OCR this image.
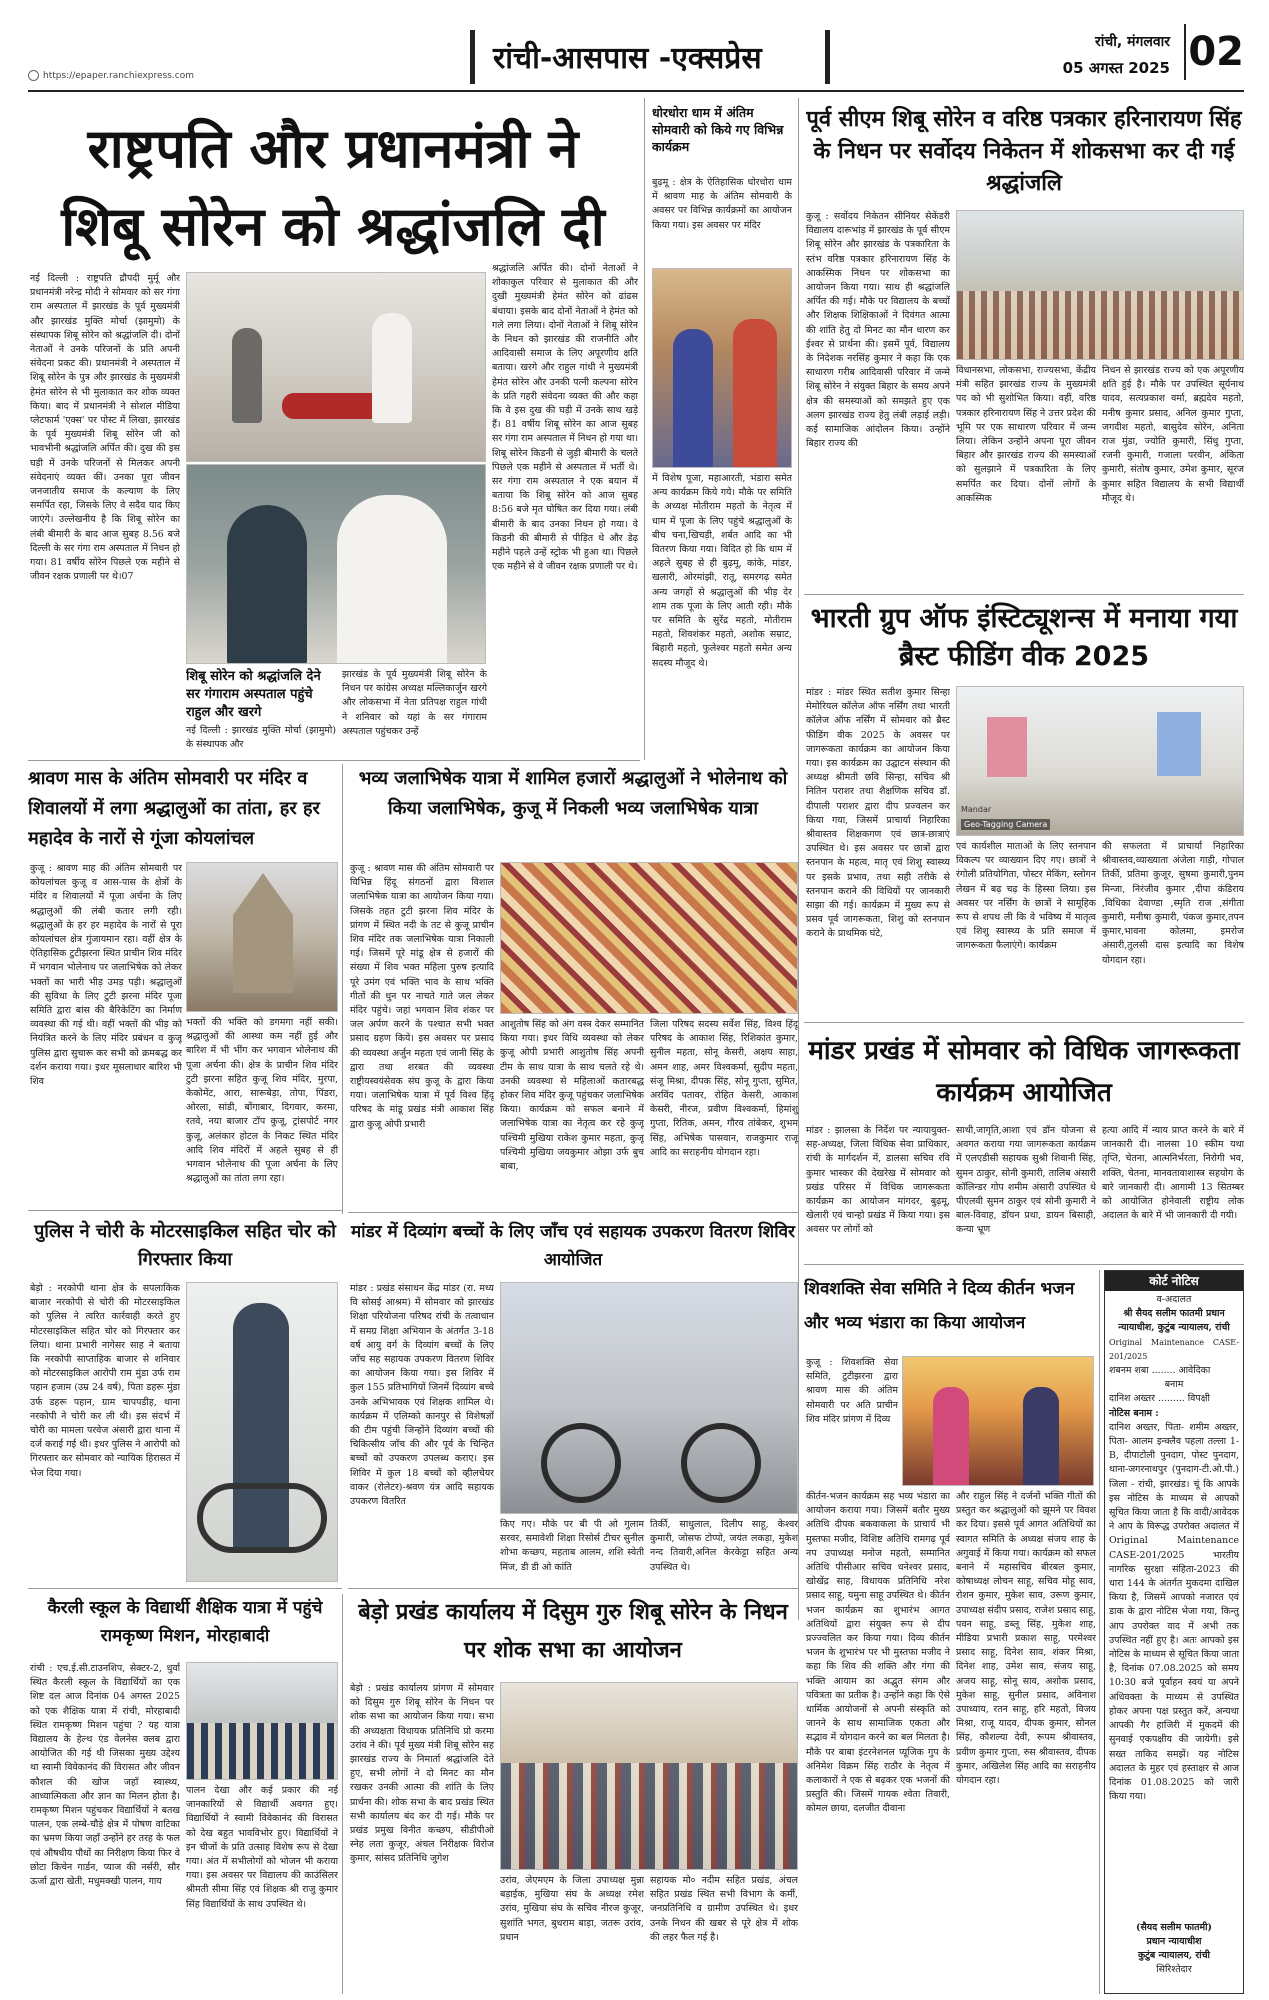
https://epaper.ranchiexpress.com	रांची-आसपास -एक्सप्रेस	रांची, मंगलवार
05 अगस्त 2025 02
राष्ट्रपति और प्रधानमंत्री ने
शिबू सोरेन को श्रद्धांजलि दी
नई दिल्ली : राष्ट्रपति द्रौपदी मुर्मू और प्रधानमंत्री नरेन्द्र मोदी ने सोमवार को सर गंगा राम अस्पताल में झारखंड के पूर्व मुख्यमंत्री और झारखंड मुक्ति मोर्चा (झामुमो) के संस्थापक शिबू सोरेन को श्रद्धांजलि दी। दोनों नेताओं ने उनके परिजनों के प्रति अपनी संवेदना प्रकट की। प्रधानमंत्री ने अस्पताल में शिबू सोरेन के पुत्र और झारखंड के मुख्यमंत्री हेमंत सोरेन से भी मुलाकात कर शोक व्यक्त किया। बाद में प्रधानमंत्री ने सोशल मीडिया प्लेटफार्म 'एक्स' पर पोस्ट में लिखा, झारखंड के पूर्व मुख्यमंत्री शिबू सोरेन जी को भावभीनी श्रद्धांजलि अर्पित की। दुख की इस घड़ी में उनके परिजनों से मिलकर अपनी संवेदनाएं व्यक्त कीं। उनका पूरा जीवन जनजातीय समाज के कल्याण के लिए समर्पित रहा, जिसके लिए वे सदैव याद किए जाएंगे। उल्लेखनीय है कि शिबू सोरेन का लंबी बीमारी के बाद आज सुबह 8.56 बजे दिल्ली के सर गंगा राम अस्पताल में निधन हो गया। 81 वर्षीय सोरेन पिछले एक महीने से जीवन रक्षक प्रणाली पर थे।07
शिबू सोरेन को श्रद्धांजलि देने सर गंगाराम अस्पताल पहुंचे राहुल और खरगे
नई दिल्ली : झारखंड मुक्ति मोर्चा (झामुमो) के संस्थापक और
झारखंड के पूर्व मुख्यमंत्री शिबू सोरेन के निधन पर कांग्रेस अध्यक्ष मल्लिकार्जुन खरगे और लोकसभा में नेता प्रतिपक्ष राहुल गांधी ने शनिवार को यहां के सर गंगाराम अस्पताल पहुंचकर उन्हें
श्रद्धांजलि अर्पित की। दोनों नेताओं ने शोकाकुल परिवार से मुलाकात की और दुखी मुख्यमंत्री हेमंत सोरेन को ढांढस बंधाया। इसके बाद दोनों नेताओं ने हेमंत को गले लगा लिया। दोनों नेताओं ने शिबू सोरेन के निधन को झारखंड की राजनीति और आदिवासी समाज के लिए अपूरणीय क्षति बताया। खरगे और राहुल गांधी ने मुख्यमंत्री हेमंत सोरेन और उनकी पत्नी कल्पना सोरेन के प्रति गहरी संवेदना व्यक्त की और कहा कि वे इस दुख की घड़ी में उनके साथ खड़े हैं। 81 वर्षीय शिबू सोरेन का आज सुबह सर गंगा राम अस्पताल में निधन हो गया था। शिबू सोरेन किडनी से जुड़ी बीमारी के चलते पिछले एक महीने से अस्पताल में भर्ती थे। सर गंगा राम अस्पताल ने एक बयान में बताया कि शिबू सोरेन को आज सुबह 8:56 बजे मृत घोषित कर दिया गया। लंबी बीमारी के बाद उनका निधन हो गया। वे किडनी की बीमारी से पीड़ित थे और डेढ़ महीने पहले उन्हें स्ट्रोक भी हुआ था। पिछले एक महीने से वे जीवन रक्षक प्रणाली पर थे।
धोरधोरा धाम में अंतिम सोमवारी को किये गए विभिन्न कार्यक्रम
बुढ़मू : क्षेत्र के ऐतिहासिक धोरधोरा धाम में श्रावण माह के अंतिम सोमवारी के अवसर पर विभिन्न कार्यक्रमों का आयोजन किया गया। इस अवसर पर मंदिर
में विशेष पूजा, महाआरती, भंडारा समेत अन्य कार्यक्रम किये गये। मौके पर समिति के अध्यक्ष मोतीराम महतो के नेतृत्व में धाम में पूजा के लिए पहुंचे श्रद्धालुओं के बीच चना,खिचड़ी, शर्बत आदि का भी वितरण किया गया। विदित हो कि धाम में अहले सुबह से ही बुढ़मू, कांके, मांडर, खलारी, ओरमांझी, रातू, समरगढ़ समेत अन्य जगहों से श्रद्धालुओं की भीड़ देर शाम तक पूजा के लिए आती रही। मौके पर समिति के सुरेंद्र महतो, मोतीराम महतो, शिवशंकर महतो, अशोक सम्राट, बिहारी महतो, फुलेश्वर महतो समेत अन्य सदस्य मौजूद थे।
पूर्व सीएम शिबू सोरेन व वरिष्ठ पत्रकार हरिनारायण सिंह के निधन पर सर्वोदय निकेतन में शोकसभा कर दी गई श्रद्धांजलि
कुजू : सर्वोदय निकेतन सीनियर सेकेंडरी विद्यालय दारूभांड़ में झारखंड के पूर्व सीएम शिबू सोरेन और झारखंड के पत्रकारिता के स्तंभ वरिष्ठ पत्रकार हरिनारायण सिंह के आकस्मिक निधन पर शोकसभा का आयोजन किया गया। साथ ही श्रद्धांजलि अर्पित की गई। मौके पर विद्यालय के बच्चों और शिक्षक शिक्षिकाओं ने दिवंगत आत्मा की शांति हेतु दो मिनट का मौन धारण कर ईश्वर से प्रार्थना की। इसमें पूर्व, विद्यालय के निदेशक नरसिंह कुमार ने कहा कि एक साधारण गरीब आदिवासी परिवार में जन्मे शिबू सोरेन ने संयुक्त बिहार के समय अपने क्षेत्र की समस्याओं को समझते हुए एक अलग झारखंड राज्य हेतु लंबी लड़ाई लड़ी। कई सामाजिक आंदोलन किया। उन्होंने बिहार राज्य की
विधानसभा, लोकसभा, राज्यसभा, केंद्रीय मंत्री सहित झारखंड राज्य के मुख्यमंत्री पद को भी सुशोभित किया। वहीं, वरिष्ठ पत्रकार हरिनारायण सिंह ने उत्तर प्रदेश की भूमि पर एक साधारण परिवार में जन्म लिया। लेकिन उन्होंने अपना पूरा जीवन बिहार और झारखंड राज्य की समस्याओं को सुलझाने में पत्रकारिता के लिए समर्पित कर दिया। दोनों लोगों के आकस्मिक
निधन से झारखंड राज्य को एक अपूरणीय क्षति हुई है। मौके पर उपस्थित सूर्यनाथ यादव, सत्यप्रकाश वर्मा, ब्रह्मदेव महतो, मनीष कुमार प्रसाद, अनिल कुमार गुप्ता, जगदीश महतो, बासुदेव सोरेन, अनिता राज मुंडा, ज्योति कुमारी, सिंधु गुप्ता, रजनी कुमारी, गजाला परवीन, अंकिता कुमारी, संतोष कुमार, उमेश कुमार, सूरज कुमार सहित विद्यालय के सभी विद्यार्थी मौजूद थे।
भारती ग्रुप ऑफ इंस्टिट्यूशन्स में मनाया गया ब्रैस्ट फीडिंग वीक 2025
मांडर : मांडर स्थित सतीश कुमार सिन्हा मेमोरियल कॉलेज ऑफ नर्सिंग तथा भारती कॉलेज ऑफ नर्सिंग में सोमवार को ब्रैस्ट फीडिंग वीक 2025 के अवसर पर जागरूकता कार्यक्रम का आयोजन किया गया। इस कार्यक्रम का उद्घाटन संस्थान की अध्यक्ष श्रीमती छवि सिन्हा, सचिव श्री नितिन पराशर तथा शैक्षणिक सचिव डॉ. दीपाली पराशर द्वारा दीप प्रज्वलन कर किया गया, जिसमें प्राचार्या निहारिका श्रीवास्तव शिक्षकगण एवं छात्र-छात्राएं उपस्थित थे। इस अवसर पर छात्रों द्वारा स्तनपान के महत्व, मातृ एवं शिशु स्वास्थ्य पर इसके प्रभाव, तथा सही तरीके से स्तनपान कराने की विधियों पर जानकारी साझा की गई। कार्यक्रम में मुख्य रूप से प्रसव पूर्व जागरूकता, शिशु को स्तनपान कराने के प्राथमिक घंटे,
Geo-Tagging Camera
Mandar
एवं कार्यशील माताओं के लिए स्तनपान विकल्प पर व्याख्यान दिए गए। छात्रों ने रंगोली प्रतियोगिता, पोस्टर मेकिंग, स्लोगन लेखन में बढ़ चढ़ के हिस्सा लिया। इस अवसर पर नर्सिंग के छात्रों ने सामूहिक रूप से शपथ ली कि वे भविष्य में मातृत्व एवं शिशु स्वास्थ्य के प्रति समाज में जागरूकता फैलाएंगे। कार्यक्रम
की सफलता में प्राचार्या निहारिका श्रीवास्तव,व्याख्याता अंजेला गाड़ी, गोपाल तिर्की, प्रतिमा कुजूर, सुषमा कुमारी,पुनम मिन्जा, निरंजीव कुमार ,दीपा कंडिराय ,विधिका देवाण्डा ,स्मृति राज ,संगीता कुमारी, मनीषा कुमारी, पंकज कुमार,तपन कुमार,भावना कोलमा, इमरोज अंसारी,तुलसी दास इत्यादि का विशेष योगदान रहा।
श्रावण मास के अंतिम सोमवारी पर मंदिर व शिवालयों में लगा श्रद्धालुओं का तांता, हर हर महादेव के नारों से गूंजा कोयलांचल
कुजू : श्रावण माह की अंतिम सोमवारी पर कोयलांचल कुजू व आस-पास के क्षेत्रों के मंदिर व शिवालयों में पूजा अर्चना के लिए श्रद्धालुओं की लंबी कतार लगी रही। श्रद्धालुओं के हर हर महादेव के नारों से पूरा कोयलांचल क्षेत्र गुंजायमान रहा। वहीं क्षेत्र के ऐतिहासिक टुटीझरना स्थित प्राचीन शिव मंदिर में भगवान भोलेनाथ पर जलाभिषेक को लेकर भक्तों का भारी भीड़ उमड़ पड़ी। श्रद्धालुओं की सुविधा के लिए टुटी झरना मंदिर पूजा समिति द्वारा बांस की बैरिकेटिंग का निर्माण व्यवस्था की गई थी। वहीं भक्तों की भीड़ को नियंत्रित करने के लिए मंदिर प्रबंधन व कुजू पुलिस द्वारा सुचारू कर सभी को क्रमबद्ध कर दर्शन कराया गया। इधर मूसलाधार बारिश भी शिव
भक्तों की भक्ति को डगमगा नहीं सकी। श्रद्धालुओं की आस्था कम नहीं हुई और बारिश में भी भींग कर भगवान भोलेनाथ की पूजा अर्चना की। क्षेत्र के प्राचीन शिव मंदिर टुटी झरना सहित कुजू शिव मंदिर, मुरपा, केकोमेंट, आरा, सारूबेड़ा, तोपा, पिंडरा, ओरला, सांडी, बोंगाबार, दिगवार, करमा, रतवे, नया बाजार टॉप कुजू, ट्रांसपोर्ट नगर कुजू, अलंकार होटल के निकट स्थित मंदिर आदि शिव मंदिरों में अहले सुबह से ही भगवान भोलेनाथ की पूजा अर्चना के लिए श्रद्धालुओं का तांता लगा रहा।
भव्य जलाभिषेक यात्रा में शामिल हजारों श्रद्धालुओं ने भोलेनाथ को किया जलाभिषेक, कुजू में निकली भव्य जलाभिषेक यात्रा
कुजू : श्रावण मास की अंतिम सोमवारी पर विभिन्न हिंदू संगठनों द्वारा विशाल जलाभिषेक यात्रा का आयोजन किया गया। जिसके तहत टुटी झरना शिव मंदिर के प्रांगण में स्थित नदी के तट से कुजू प्राचीन शिव मंदिर तक जलाभिषेक यात्रा निकाली गई। जिसमें पूरे मांडू क्षेत्र से हजारों की संख्या में शिव भक्त महिला पुरुष इत्यादि पूरे उमंग एवं भक्ति भाव के साथ भक्ति गीतों की धुन पर नाचते गाते जल लेकर मंदिर पहुंचे। जहां भगवान शिव शंकर पर जल अर्पण करने के पश्चात सभी भक्त प्रसाद ग्रहण किये। इस अवसर पर प्रसाद की व्यवस्था अर्जुन महता एवं जानी सिंह के द्वारा तथा शरबत की व्यवस्था राष्ट्रीयस्वयंसेवक संघ कुजू के द्वारा किया गया। जलाभिषेक यात्रा में पूर्व विश्व हिंदू परिषद के मांडू प्रखंड मंत्री आकाश सिंह द्वारा कुजू ओपी प्रभारी
आशुतोष सिंह को अंग वस्त्र देकर सम्मानित किया गया। इधर विधि व्यवस्था को लेकर कुजू ओपी प्रभारी आशुतोष सिंह अपनी टीम के साथ यात्रा के साथ चलते रहे थे। उनकी व्यवस्था से महिलाओं कतारबद्ध होकर शिव मंदिर कुजू पहुंचकर जलाभिषेक किया। कार्यक्रम को सफल बनाने में जलाभिषेक यात्रा का नेतृत्व कर रहे कुजू पश्चिमी मुखिया राकेश कुमार महता, कुजू पश्चिमी मुखिया जयकुमार ओझा उर्फ बुच बाबा,
जिला परिषद सदस्य सर्वेश सिंह, विश्व हिंदू परिषद के आकाश सिंह, रिशिकांत कुमार, सुनील महता, सोनू केसरी, अक्षय साहा, अमन शाह, अमर विश्वकर्मा, सुदीप महता, संजू मिश्रा, दीपक सिंह, सोनू गुप्ता, सुमित, अरविंद पतावर, रोहित केसरी, आकाश केसरी, नीरज, प्रवीण विश्वकर्मा, हिमांशु गुप्ता, रितिक, अमन, गौरव तांबेकर, शुभम सिंह, अभिषेक पासवान, राजकुमार राजू आदि का सराहनीय योगदान रहा।
मांडर प्रखंड में सोमवार को विधिक जागरूकता कार्यक्रम आयोजित
मांडर : झालसा के निर्देश पर न्यायायुक्त-सह-अध्यक्ष, जिला विधिक सेवा प्राधिकार, रांची के मार्गदर्शन में, डालसा सचिव रवि कुमार भास्कर की देखरेख में सोमवार को प्रखंड परिसर में विधिक जागरूकता कार्यक्रम का आयोजन मांगदर, बुढ़मू, खेलारी एवं चान्हो प्रखंड में किया गया। इस अवसर पर लोगों को
साथी,जागृति,आशा एवं डॉन योजना से अवगत कराया गया जागरूकता कार्यक्रम में एलएडीसी सहायक सुश्री शिवानी सिंह, सुमन ठाकुर, सोनी कुमारी, तालिब अंसारी कॉलिन्डर गोप शमीम अंसारी उपस्थित थे पीएलवी सुमन ठाकुर एवं सोनी कुमारी ने बाल-विवाह, डॉयन प्रथा, डायन बिसाही, कन्या भ्रूण
हत्या आदि में न्याय प्राप्त करने के बारे में जानकारी दी। नालसा 10 स्कीम यथा तृप्ति, चेतना, आत्मनिर्भरता, निरोगी भव, शक्ति, चेतना, मानवतावाशास्त्र सहयोग के बारे जानकारी दी। आगामी 13 सितम्बर को आयोजित होनेवाली राष्ट्रीय लोक अदालत के बारे में भी जानकारी दी गयी।
पुलिस ने चोरी के मोटरसाइकिल सहित चोर को गिरफ्तार किया
बेड़ो : नरकोपी थाना क्षेत्र के सपलाकिक बाजार नरकोपी से चोरी की मोटरसाइकिल को पुलिस ने त्वरित कार्रवाही करते हुए मोटरसाइकिल सहित चोर को गिरफ्तार कर लिया। थाना प्रभारी नागेसर साह ने बताया कि नरकोपी साप्ताहिक बाजार से शनिवार को मोटरसाइकिल आरोपी राम मुंडा उर्फ राम पहान हजाम (उम्र 24 वर्ष), पिता डहरू मुंडा उर्फ डहरू पहान, ग्राम चापपडीह, थाना नरकोपी ने चोरी कर ली थी। इस संदर्भ में चोरी का मामला परवेज अंसारी द्वारा थाना में दर्ज कराई गई थी। इधर पुलिस ने आरोपी को गिरफ्तार कर सोमवार को न्यायिक हिरासत में भेज दिया गया।
मांडर में दिव्यांग बच्चों के लिए जाँच एवं सहायक उपकरण वितरण शिविर आयोजित
मांडर : प्रखंड संसाधन केंद्र मांडर (रा. मध्य वि सोसई आश्रम) में सोमवार को झारखंड शिक्षा परियोजना परिषद रांची के तत्वाधान में समग्र शिक्षा अभियान के अंतर्गत 3-18 वर्ष आयु वर्ग के दिव्यांग बच्चों के लिए जाँच सह सहायक उपकरण वितरण शिविर का आयोजन किया गया। इस शिविर में कुल 155 प्रतिभागियों जिनमें दिव्यांग बच्चे उनके अभिभावक एवं शिक्षक शामिल थे। कार्यक्रम में एलिम्को कानपुर से विशेषज्ञों की टीम पहुंची जिन्होंने दिव्यांग बच्चों की चिकित्सीय जाँच की और पूर्व के चिन्हित बच्चों को उपकरण उपलब्ध कराए। इस शिविर में कुल 18 बच्चों को व्हीलचेयर वाकर (रोलेटर)-श्रवण यंत्र आदि सहायक उपकरण वितरित
किए गए। मौके पर बी पी ओ गुलाम सरवर, समावेशी शिक्षा रिसोर्स टीचर सुनील शोभा कच्छप, महताब आलम, शशि स्वेती मिंज, डी डी ओ कांति
तिर्की, साधुलाल, दिलीप साहू, केश्वर कुमारी, जोसफ टोप्पो, जयंत लकड़ा, मुकेश नन्द तिवारी,अनिल केरकेट्टा सहित अन्य उपस्थित थे।
कैरली स्कूल के विद्यार्थी शैक्षिक यात्रा में पहुंचे रामकृष्ण मिशन, मोरहाबादी
रांची : एच.ई.सी.टाउनशिप, सेक्टर-2, धुर्वा स्थित कैरली स्कूल के विद्यार्थियों का एक शिष्ट दल आज दिनांक 04 अगस्त 2025 को एक शैक्षिक यात्रा में रांची, मोरहाबादी स्थित रामकृष्ण मिशन पहुंचा ? यह यात्रा विद्यालय के हेल्थ एंड वेलनेस क्लब द्वारा आयोजित की गई थी जिसका मुख्य उद्देश्य था स्वामी विवेकानंद की विरासत और जीवन कौशल की खोज जहाँ स्वास्थ्य, आध्यात्मिकता और ज्ञान का मिलन होता है। रामकृष्ण मिशन पहुंचकर विद्यार्थियों ने बतख पालन, एक लम्बे-चौड़े क्षेत्र में पोषण वाटिका का भ्रमण किया जहाँ उन्होंने हर तरह के फल एवं औषधीय पौधों का निरीक्षण किया फिर वे छोटा किचेन गार्डन, प्याज की नर्सरी, सौर ऊर्जा द्वारा खेती, मधुमक्खी पालन, गाय
पालन देखा और कई प्रकार की नई जानकारियों से विद्यार्थी अवगत हुए। विद्यार्थियों ने स्वामी विवेकानंद की विरासत को देख बहुत भावविभोर हुए। विद्यार्थियों ने इन चीजों के प्रति उत्साह विशेष रूप से देखा गया। अंत में सभीलोगों को भोजन भी कराया गया। इस अवसर पर विद्यालय की काउंसिलर श्रीमती सीमा सिंह एवं शिक्षक श्री राजु कुमार सिंह विद्यार्थियों के साथ उपस्थित थे।
बेड़ो प्रखंड कार्यालय में दिसुम गुरु शिबू सोरेन के निधन पर शोक सभा का आयोजन
बेड़ो : प्रखंड कार्यालय प्रांगण में सोमवार को दिसुम गुरु शिबू सोरेन के निधन पर शोक सभा का आयोजन किया गया। सभा की अध्यक्षता विधायक प्रतिनिधि प्रो करमा उरांव ने की। पूर्व मुख्य मंत्री शिबू सोरेन सह झारखंड राज्य के निमार्ता श्रद्धांजलि देते हुए, सभी लोगों ने दो मिनट का मौन रखकर उनकी आत्मा की शांति के लिए प्रार्थना की। शोक सभा के बाद प्रखंड स्थित सभी कार्यालय बंद कर दी गई। मौके पर प्रखंड प्रमुख विनीत कच्छप, सीडीपीओ स्नेह लता कुजूर, अंचल निरीक्षक विरोज कुमार, सांसद प्रतिनिधि जुगेश
उरांव, जेएमएम के जिला उपाध्यक्ष मुन्ना बड़ाईक, मुखिया संघ के अध्यक्ष रमेश उरांव, मुखिया संघ के सचिव नीरज कुजूर, सुशांति भगत, बुधराम बाड़ा, जतरू उरांव, प्रधान
सहायक मो० नदीम सहित प्रखंड, अंचल सहित प्रखंड स्थित सभी विभाग के कर्मी, जनप्रतिनिधि व ग्रामीण उपस्थित थे। इधर उनके निधन की खबर से पूरे क्षेत्र में शोक की लहर फैल गई है।
शिवशक्ति सेवा समिति ने दिव्य कीर्तन भजन
और भव्य भंडारा का किया आयोजन
कुजू : शिवशक्ति सेवा समिति, टुटीझरना द्वारा श्रावण मास की अंतिम सोमवारी पर अति प्राचीन शिव मंदिर प्रांगण में दिव्य
कीर्तन-भजन कार्यक्रम सह भव्य भंडारा का आयोजन कराया गया। जिसमें बतौर मुख्य अतिथि दीपक बकवाकला के प्राचार्य भी मुस्तफा मजीद, विशिष्ट अतिथि रामगढ़ पूर्व नप उपाध्यक्ष मनोज महतो, सम्मानित अतिथि पीसीआर सचिव धनेश्वर प्रसाद, खोखेंद्र साह, विधायक प्रतिनिधि नरेश प्रसाद साहू, यमुना साहू उपस्थित थे। कीर्तन भजन कार्यक्रम का शुभारंभ आगत अतिथियों द्वारा संयुक्त रूप से दीप प्रज्ज्वलित कर किया गया। दिव्य कीर्तन भजन के शुभारंभ पर भी मुस्तफा मजीद ने कहा कि शिव की शक्ति और गंगा की भक्ति आयाम का अद्भुत संगम और पवित्रता का प्रतीक है। उन्होंने कहा कि ऐसे धार्मिक आयोजनों से अपनी संस्कृति को जानने के साथ सामाजिक एकता और सद्भाव में योगदान करने का बल मिलता है। मौके पर बाबा इंटरनेशनल प्यूजिक गुप के अनिमेश विक्रम सिंह राठौर के नेतृत्व में कलाकारों ने एक से बढ़कर एक भजनों की प्रस्तुति की। जिसमें गायक श्वेता तिवारी, कोमल छाया, दलजीत दीवाना
और राहुल सिंह ने दर्जनों भक्ति गीतों की प्रस्तुत कर श्रद्धालुओं को झूमने पर विवश कर दिया। इससे पूर्व आगत अतिथियों का स्वागत समिति के अध्यक्ष संजय शाह के अगुवाई में किया गया। कार्यक्रम को सफल बनाने में महासचिव बीरबल कुमार, कोषाध्यक्ष लोचन साहू, सचिव मोहू साव, रोशन कुमार, मुकेश साव, उरूण कुमार, उपाध्यक्ष संदीप प्रसाद, राजेश प्रसाद साहू, पवन साहू, डब्लू सिंह, मुकेश शाह, मीडिया प्रभारी प्रकाश साहू, परमेश्वर प्रसाद साहू, दिनेश साव, शंकर मिश्रा, दिनेश शाह, उमेश साव, संजय साहू, अजय साहू, सोनू साव, अशोक प्रसाद, मुकेश साहू, सुनील प्रसाद, अविनाश उपाध्याय, रतन साहू, हरि महतो, विजय मिश्रा, राजू यादव, दीपक कुमार, सोनल सिंह, कौशल्या देवी, रूपम श्रीवास्तव, प्रवीण कुमार गुप्ता, रुस श्रीवास्तव, दीपक कुमार, अखिलेश सिंह आदि का सराहनीय योगदान रहा।
कोर्ट नोटिस
व-अदालत
श्री सैयद सलीम फातमी प्रधान न्यायाधीश, कुटुंब न्यायालय, रांची
Original Maintenance CASE-201/2025
शबनम शबा ........ आवेदिका
बनाम
दानिश अख्तर ......... विपक्षी
नोटिस बनाम :
दानिश अख्तर, पिता- शमीम अख्तर, पिता- आलम इन्क्लैव पहला तल्ला 1-B, दीपाटोली पुनदाग, पोस्ट पुनदाग, थाना-जगरनाथपुर (पुनदाग-टी.ओ.पी.) जिला - रांची, झारखंड। चूं कि आपके इस नोटिस के माध्यम से आपको सूचित किया जाता है कि वादी/आवेदक ने आप के विरूद्ध उपरोक्त अदालत में Original Maintenance CASE-201/2025 भारतीय नागरिक सुरक्षा संहिता-2023 की धारा 144 के अंतर्गत मुकदमा दाखिल किया है, जिसमें आपको नजारत एवं डाक के द्वारा नोटिस भेजा गया, किन्तु आप उपरोक्त वाद में अभी तक उपस्थित नहीं हुए है। अतः आपको इस नोटिस के माध्यम से सूचित किया जाता है, दिनांक 07.08.2025 को समय 10:30 बजे पूर्वाहन स्वयं या अपने अधिवक्ता के माध्यम से उपस्थित होकर अपना पक्ष प्रस्तुत करें, अन्यथा आपकी गैर हाजिरी में मुकदमें की सुनवाई एकपक्षीय की जायेगी। इसे सख्त ताकिद समझें। यह नोटिस अदालत के मुहर एवं हस्ताक्षर से आज दिनांक 01.08.2025 को जारी किया गया।
(सैयद सलीम फातमी)
प्रधान न्यायाधीश
कुटुंब न्यायालय, रांची
सिरिश्तेदार
